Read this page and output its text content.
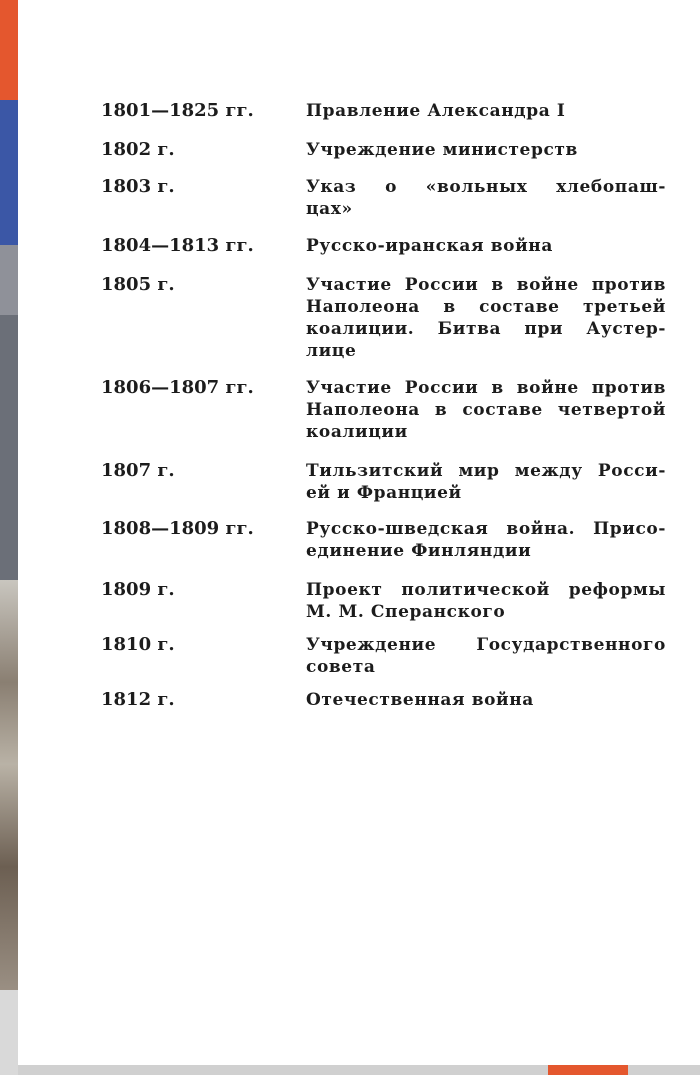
1801—1825 гг.	Правление Александра I
1802 г.	Учреждение министерств
1803 г.	Указ о «вольных хлебопаш-
цах»
1804—1813 гг.	Русско-иранская война
1805 г.	Участие России в войне против
Наполеона в составе третьей
коалиции. Битва при Аустер-
лице
1806—1807 гг.	Участие России в войне против
Наполеона в составе четвертой
коалиции
1807 г.	Тильзитский мир между Росси-
ей и Францией
1808—1809 гг.	Русско-шведская война. Присо-
единение Финляндии
1809 г.	Проект политической реформы
М. М. Сперанского
1810 г.	Учреждение Государственного
совета
1812 г.	Отечественная война
